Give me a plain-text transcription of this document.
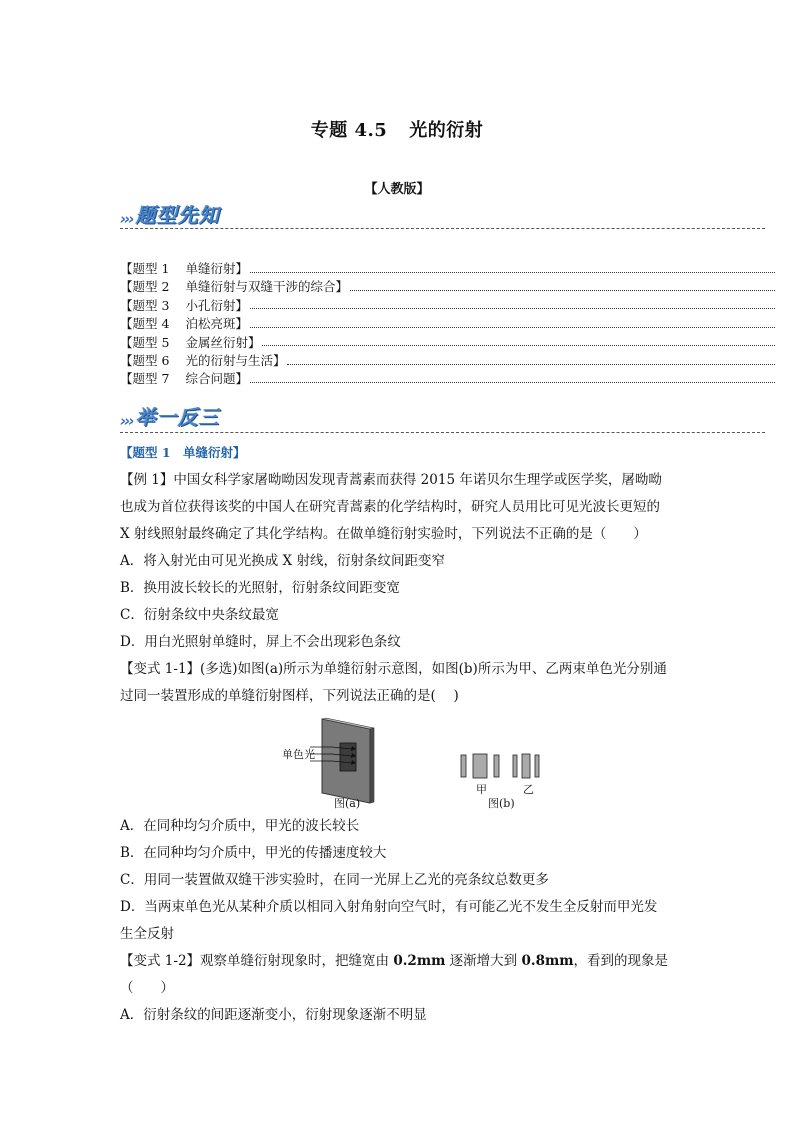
专题 4.5 光的衍射
【人教版】
››› 题型先知
【题型 1 单缝衍射】
【题型 2 单缝衍射与双缝干涉的综合】
【题型 3 小孔衍射】
【题型 4 泊松亮斑】
【题型 5 金属丝衍射】
【题型 6 光的衍射与生活】
【题型 7 综合问题】
››› 举一反三
【题型 1　单缝衍射】

【例 1】中国女科学家屠呦呦因发现青蒿素而获得 2015 年诺贝尔生理学或医学奖，屠呦呦

也成为首位获得该奖的中国人在研究青蒿素的化学结构时，研究人员用比可见光波长更短的

X 射线照射最终确定了其化学结构。在做单缝衍射实验时，下列说法不正确的是（　　）

A．将入射光由可见光换成 X 射线，衍射条纹间距变窄

B．换用波长较长的光照射，衍射条纹间距变宽

C．衍射条纹中央条纹最宽

D．用白光照射单缝时，屏上不会出现彩色条纹

【变式 1-1】(多选)如图(a)所示为单缝衍射示意图，如图(b)所示为甲、乙两束单色光分别通

过同一装置形成的单缝衍射图样，下列说法正确的是(　 )

单色光
图(a)
甲	乙
图(b)

A．在同种均匀介质中，甲光的波长较长

B．在同种均匀介质中，甲光的传播速度较大

C．用同一装置做双缝干涉实验时，在同一光屏上乙光的亮条纹总数更多

D．当两束单色光从某种介质以相同入射角射向空气时，有可能乙光不发生全反射而甲光发

生全反射

【变式 1-2】观察单缝衍射现象时，把缝宽由 0.2mm 逐渐增大到 0.8mm，看到的现象是

（　　）

A．衍射条纹的间距逐渐变小，衍射现象逐渐不明显
